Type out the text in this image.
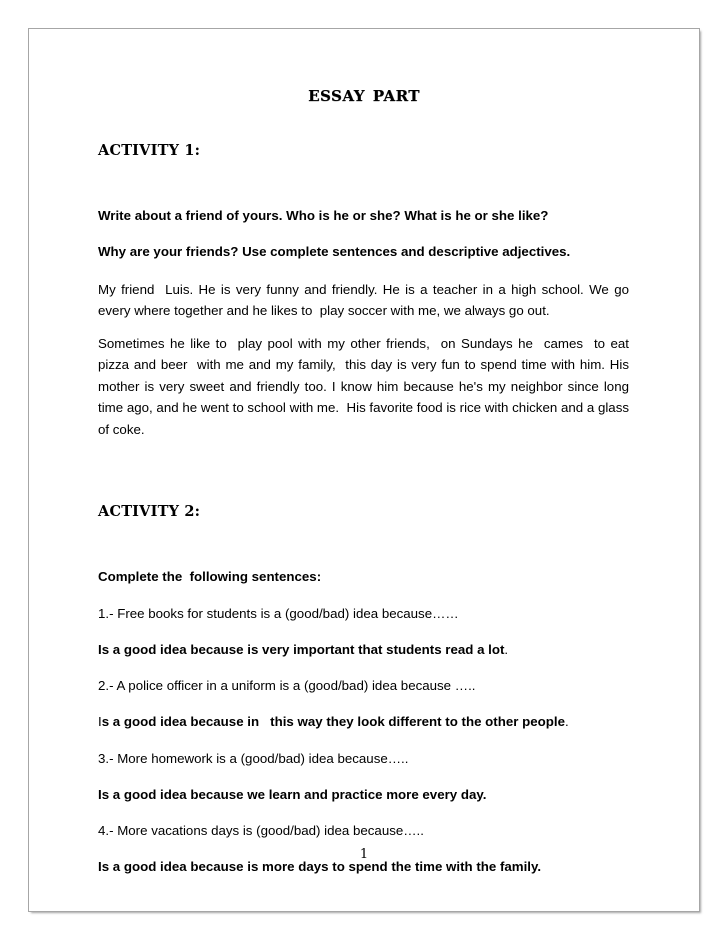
essay part
ACTIVITY 1:
Write about a friend of yours. Who is he or she? What is he or she like?
Why are your friends? Use complete sentences and descriptive adjectives.
My friend  Luis. He is very funny and friendly. He is a teacher in a high school. We go every where together and he likes to  play soccer with me, we always go out.
Sometimes he like to  play pool with my other friends,  on Sundays he  cames  to eat pizza and beer  with me and my family,  this day is very fun to spend time with him. His mother is very sweet and friendly too. I know him because he's my neighbor since long time ago, and he went to school with me.  His favorite food is rice with chicken and a glass of coke.
ACTIVITY 2:
Complete the  following sentences:
1.- Free books for students is a (good/bad) idea because……
Is a good idea because is very important that students read a lot.
2.- A police officer in a uniform is a (good/bad) idea because …..
Is a good idea because in   this way they look different to the other people.
3.- More homework is a (good/bad) idea because…..
Is a good idea because we learn and practice more every day.
4.- More vacations days is (good/bad) idea because…..
Is a good idea because is more days to spend the time with the family.
1
